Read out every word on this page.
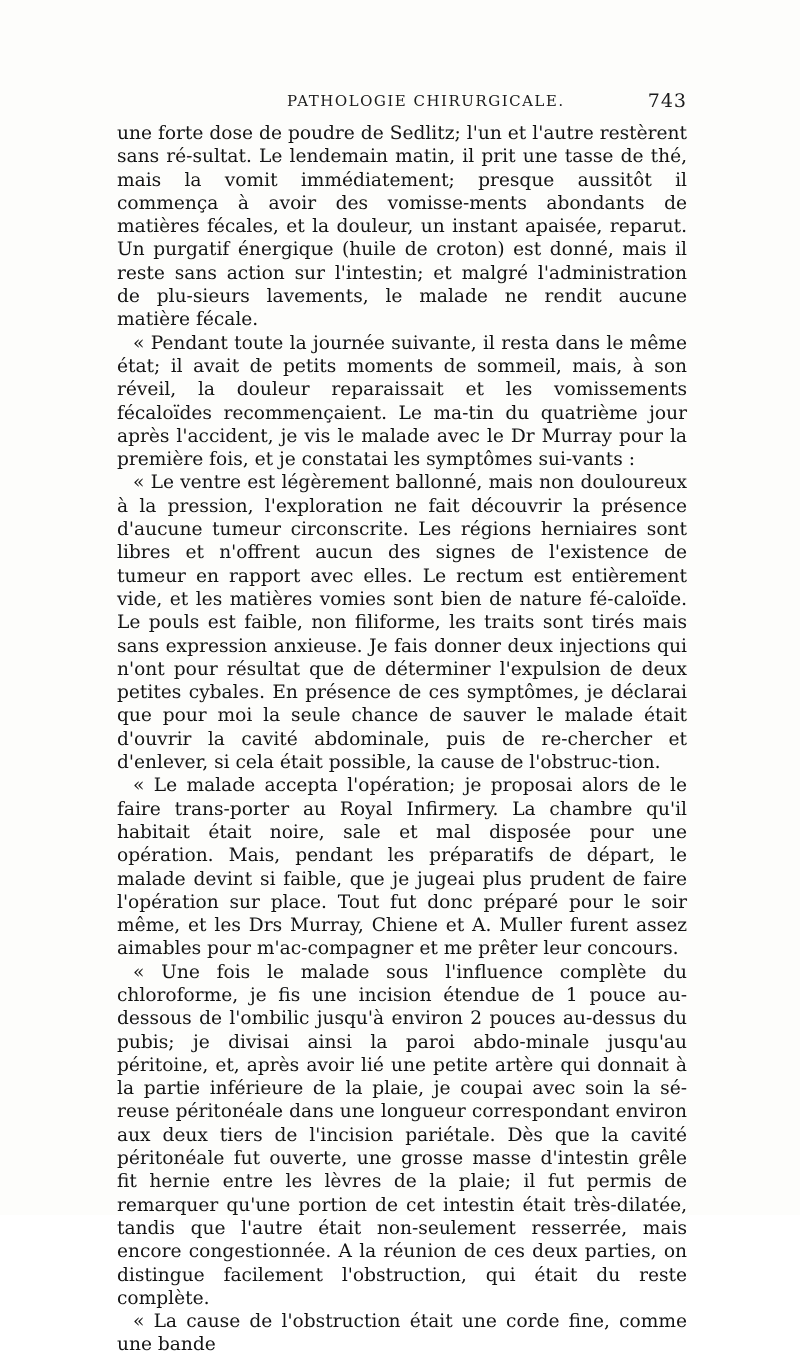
PATHOLOGIE CHIRURGICALE.	743

une forte dose de poudre de Sedlitz; l'un et l'autre restèrent sans ré-sultat. Le lendemain matin, il prit une tasse de thé, mais la vomit immédiatement; presque aussitôt il commença à avoir des vomisse-ments abondants de matières fécales, et la douleur, un instant apaisée, reparut. Un purgatif énergique (huile de croton) est donné, mais il reste sans action sur l'intestin; et malgré l'administration de plu-sieurs lavements, le malade ne rendit aucune matière fécale.

« Pendant toute la journée suivante, il resta dans le même état; il avait de petits moments de sommeil, mais, à son réveil, la douleur reparaissait et les vomissements fécaloïdes recommençaient. Le ma-tin du quatrième jour après l'accident, je vis le malade avec le Dr Murray pour la première fois, et je constatai les symptômes sui-vants :

« Le ventre est légèrement ballonné, mais non douloureux à la pression, l'exploration ne fait découvrir la présence d'aucune tumeur circonscrite. Les régions herniaires sont libres et n'offrent aucun des signes de l'existence de tumeur en rapport avec elles. Le rectum est entièrement vide, et les matières vomies sont bien de nature fé-caloïde. Le pouls est faible, non filiforme, les traits sont tirés mais sans expression anxieuse. Je fais donner deux injections qui n'ont pour résultat que de déterminer l'expulsion de deux petites cybales. En présence de ces symptômes, je déclarai que pour moi la seule chance de sauver le malade était d'ouvrir la cavité abdominale, puis de re-chercher et d'enlever, si cela était possible, la cause de l'obstruc-tion.

« Le malade accepta l'opération; je proposai alors de le faire trans-porter au Royal Infirmery. La chambre qu'il habitait était noire, sale et mal disposée pour une opération. Mais, pendant les préparatifs de départ, le malade devint si faible, que je jugeai plus prudent de faire l'opération sur place. Tout fut donc préparé pour le soir même, et les Drs Murray, Chiene et A. Muller furent assez aimables pour m'ac-compagner et me prêter leur concours.

« Une fois le malade sous l'influence complète du chloroforme, je fis une incision étendue de 1 pouce au-dessous de l'ombilic jusqu'à environ 2 pouces au-dessus du pubis; je divisai ainsi la paroi abdo-minale jusqu'au péritoine, et, après avoir lié une petite artère qui donnait à la partie inférieure de la plaie, je coupai avec soin la sé-reuse péritonéale dans une longueur correspondant environ aux deux tiers de l'incision pariétale. Dès que la cavité péritonéale fut ouverte, une grosse masse d'intestin grêle fit hernie entre les lèvres de la plaie; il fut permis de remarquer qu'une portion de cet intestin était très-dilatée, tandis que l'autre était non-seulement resserrée, mais encore congestionnée. A la réunion de ces deux parties, on distingue facilement l'obstruction, qui était du reste complète.

« La cause de l'obstruction était une corde fine, comme une bande
